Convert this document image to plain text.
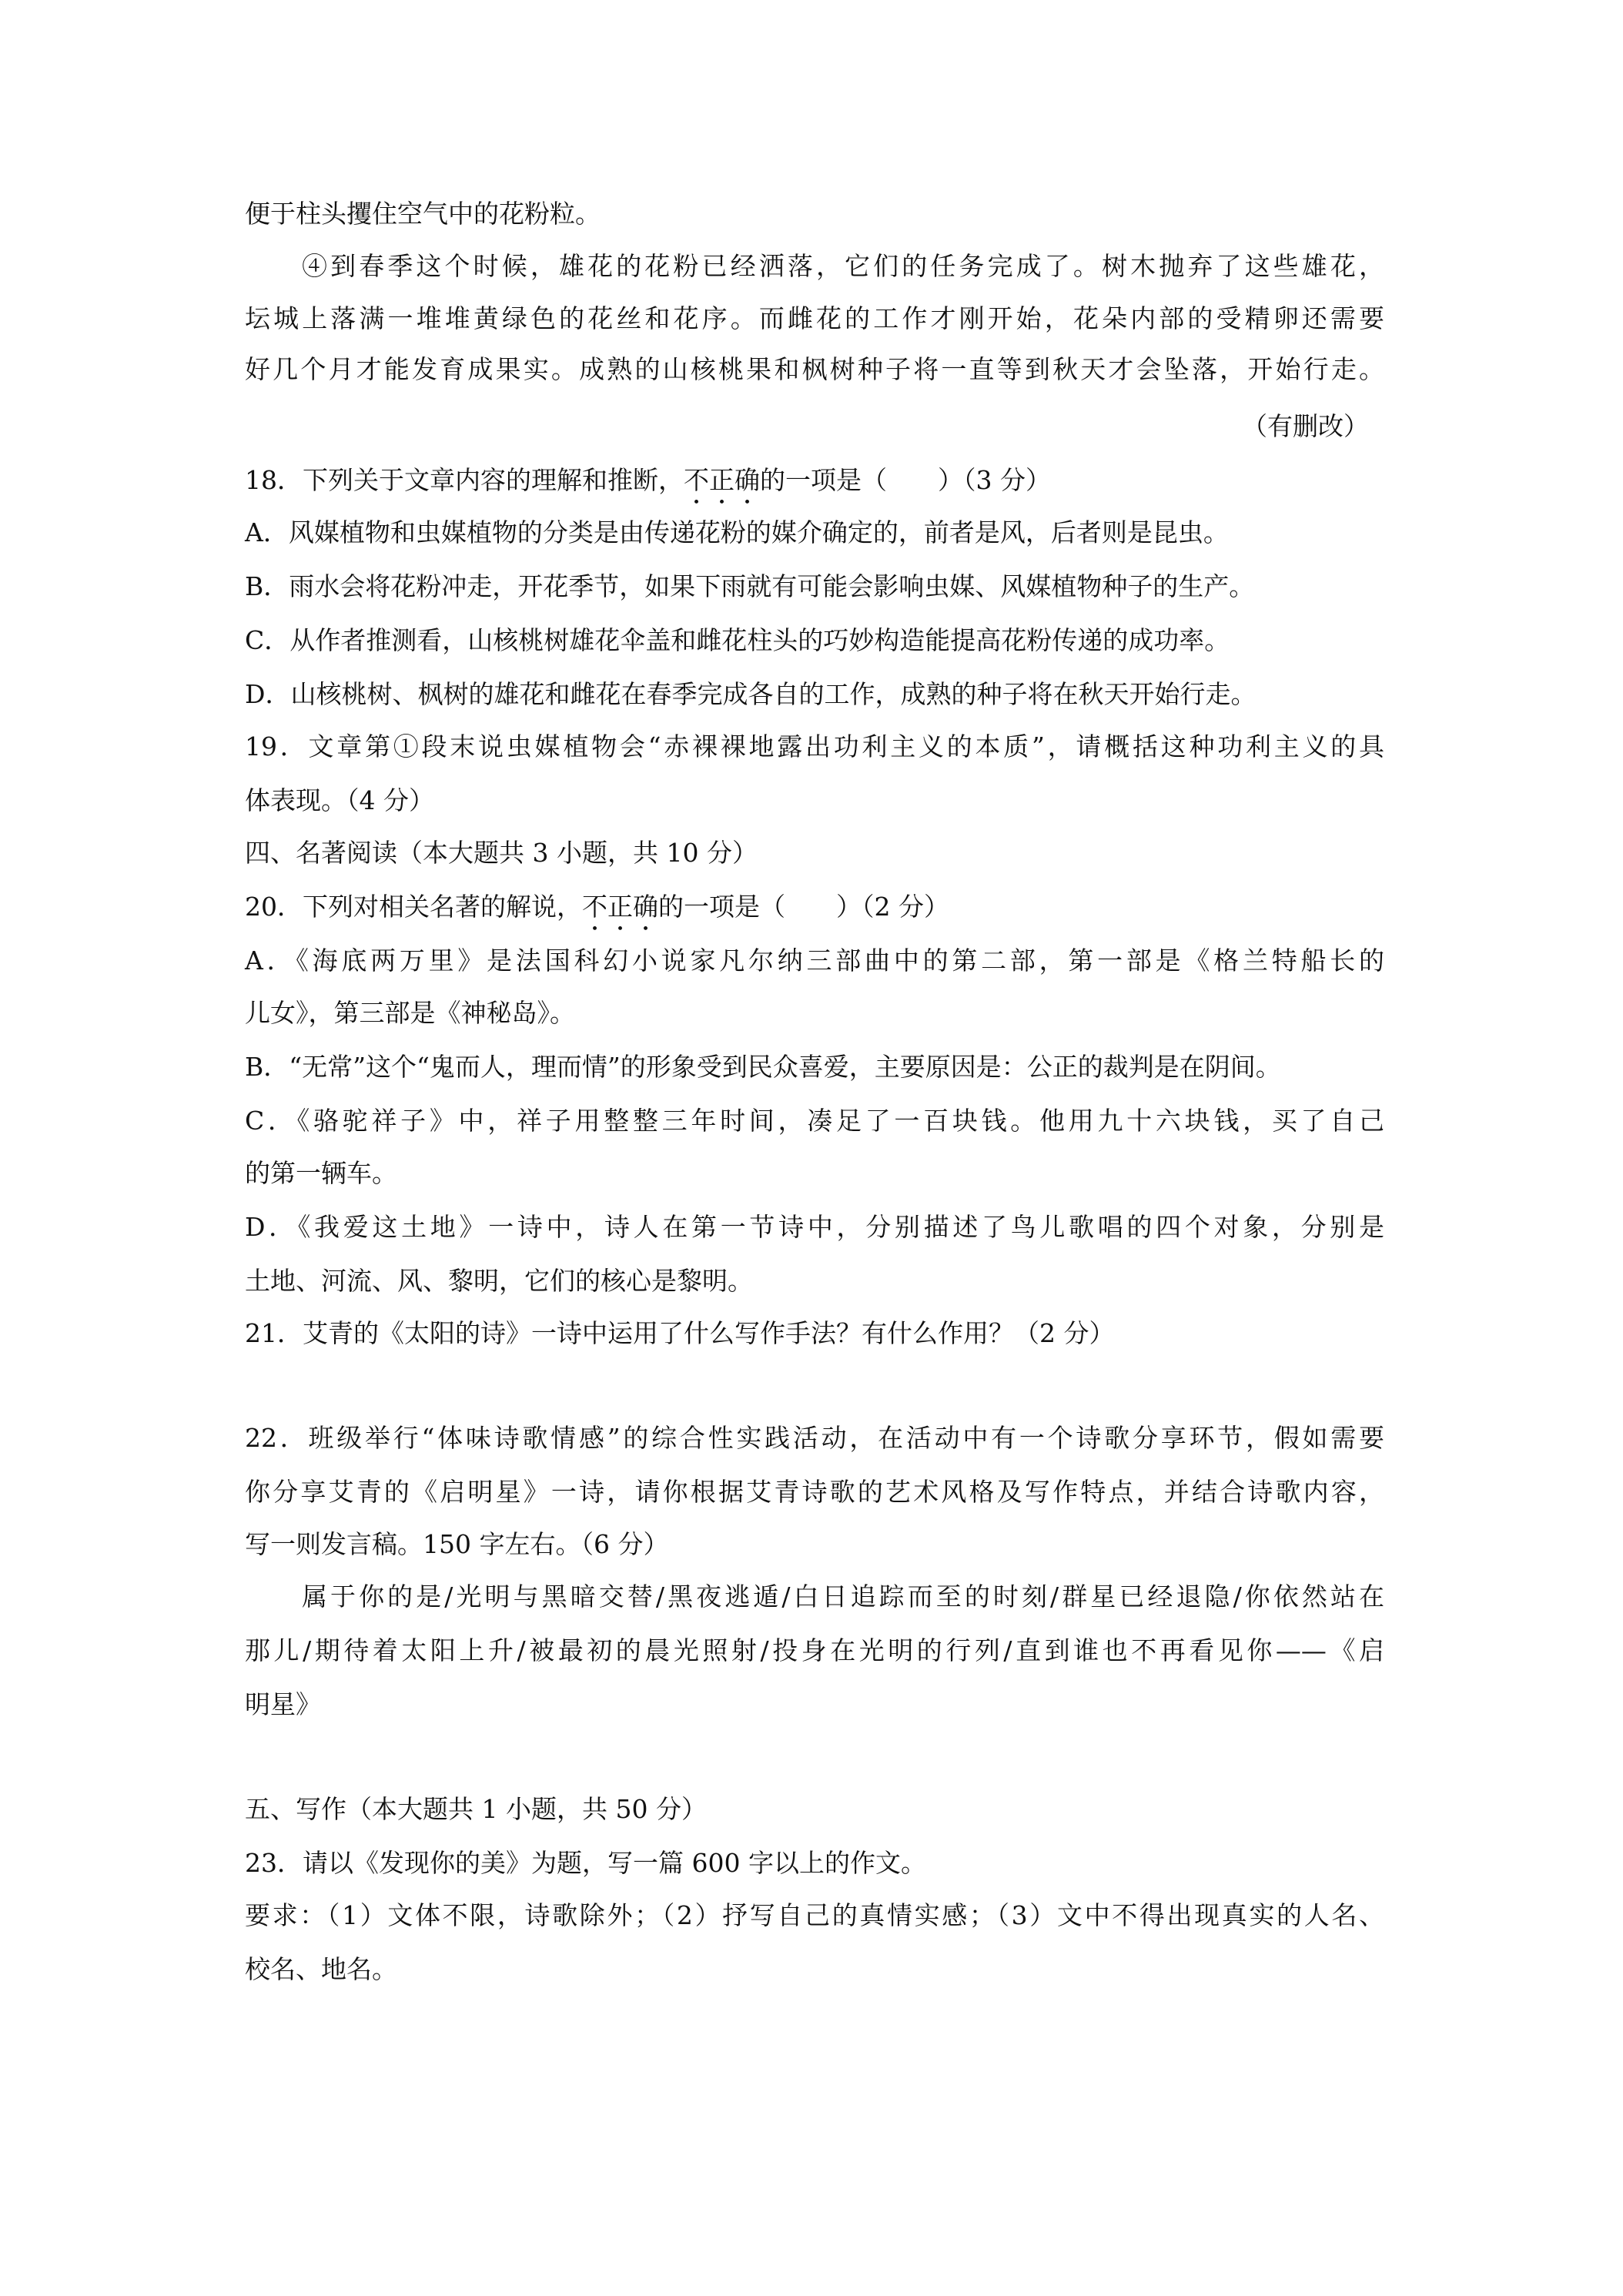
便于柱头攫住空气中的花粉粒。
④到春季这个时候，雄花的花粉已经洒落，它们的任务完成了。树木抛弃了这些雄花，
坛城上落满一堆堆黄绿色的花丝和花序。而雌花的工作才刚开始，花朵内部的受精卵还需要
好几个月才能发育成果实。成熟的山核桃果和枫树种子将一直等到秋天才会坠落，开始行走。
（有删改）
18．下列关于文章内容的理解和推断，不正确的一项是（　　）（3 分）
A．风媒植物和虫媒植物的分类是由传递花粉的媒介确定的，前者是风，后者则是昆虫。
B．雨水会将花粉冲走，开花季节，如果下雨就有可能会影响虫媒、风媒植物种子的生产。
C．从作者推测看，山核桃树雄花伞盖和雌花柱头的巧妙构造能提高花粉传递的成功率。
D．山核桃树、枫树的雄花和雌花在春季完成各自的工作，成熟的种子将在秋天开始行走。
19．文章第①段末说虫媒植物会“赤裸裸地露出功利主义的本质”，请概括这种功利主义的具
体表现。（4 分）
四、名著阅读（本大题共 3 小题，共 10 分）
20．下列对相关名著的解说，不正确的一项是（　　）（2 分）
A．《海底两万里》是法国科幻小说家凡尔纳三部曲中的第二部，第一部是《格兰特船长的
儿女》，第三部是《神秘岛》。
B．“无常”这个“鬼而人，理而情”的形象受到民众喜爱，主要原因是：公正的裁判是在阴间。
C．《骆驼祥子》中，祥子用整整三年时间，凑足了一百块钱。他用九十六块钱，买了自己
的第一辆车。
D．《我爱这土地》一诗中，诗人在第一节诗中，分别描述了鸟儿歌唱的四个对象，分别是
土地、河流、风、黎明，它们的核心是黎明。
21．艾青的《太阳的诗》一诗中运用了什么写作手法？有什么作用？（2 分）
22．班级举行“体味诗歌情感”的综合性实践活动，在活动中有一个诗歌分享环节，假如需要
你分享艾青的《启明星》一诗，请你根据艾青诗歌的艺术风格及写作特点，并结合诗歌内容，
写一则发言稿。150 字左右。（6 分）
属于你的是/光明与黑暗交替/黑夜逃遁/白日追踪而至的时刻/群星已经退隐/你依然站在
那儿/期待着太阳上升/被最初的晨光照射/投身在光明的行列/直到谁也不再看见你——《启
明星》
五、写作（本大题共 1 小题，共 50 分）
23．请以《发现你的美》为题，写一篇 600 字以上的作文。
要求：（1）文体不限，诗歌除外；（2）抒写自己的真情实感；（3）文中不得出现真实的人名、
校名、地名。
